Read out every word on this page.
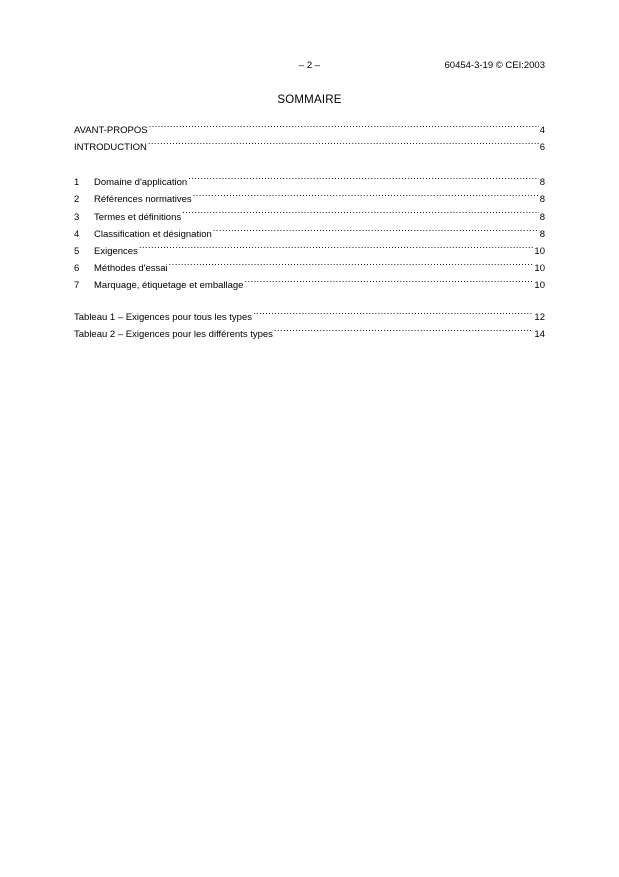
– 2 –	60454-3-19 © CEI:2003
SOMMAIRE
AVANT-PROPOS .....	4
INTRODUCTION .....	6
1	Domaine d'application .....	8
2	Références normatives .....	8
3	Termes et définitions .....	8
4	Classification et désignation .....	8
5	Exigences .....	10
6	Méthodes d'essai .....	10
7	Marquage, étiquetage et emballage .....	10
Tableau 1 – Exigences pour tous les types .....	12
Tableau 2 – Exigences pour les différents types .....	14
